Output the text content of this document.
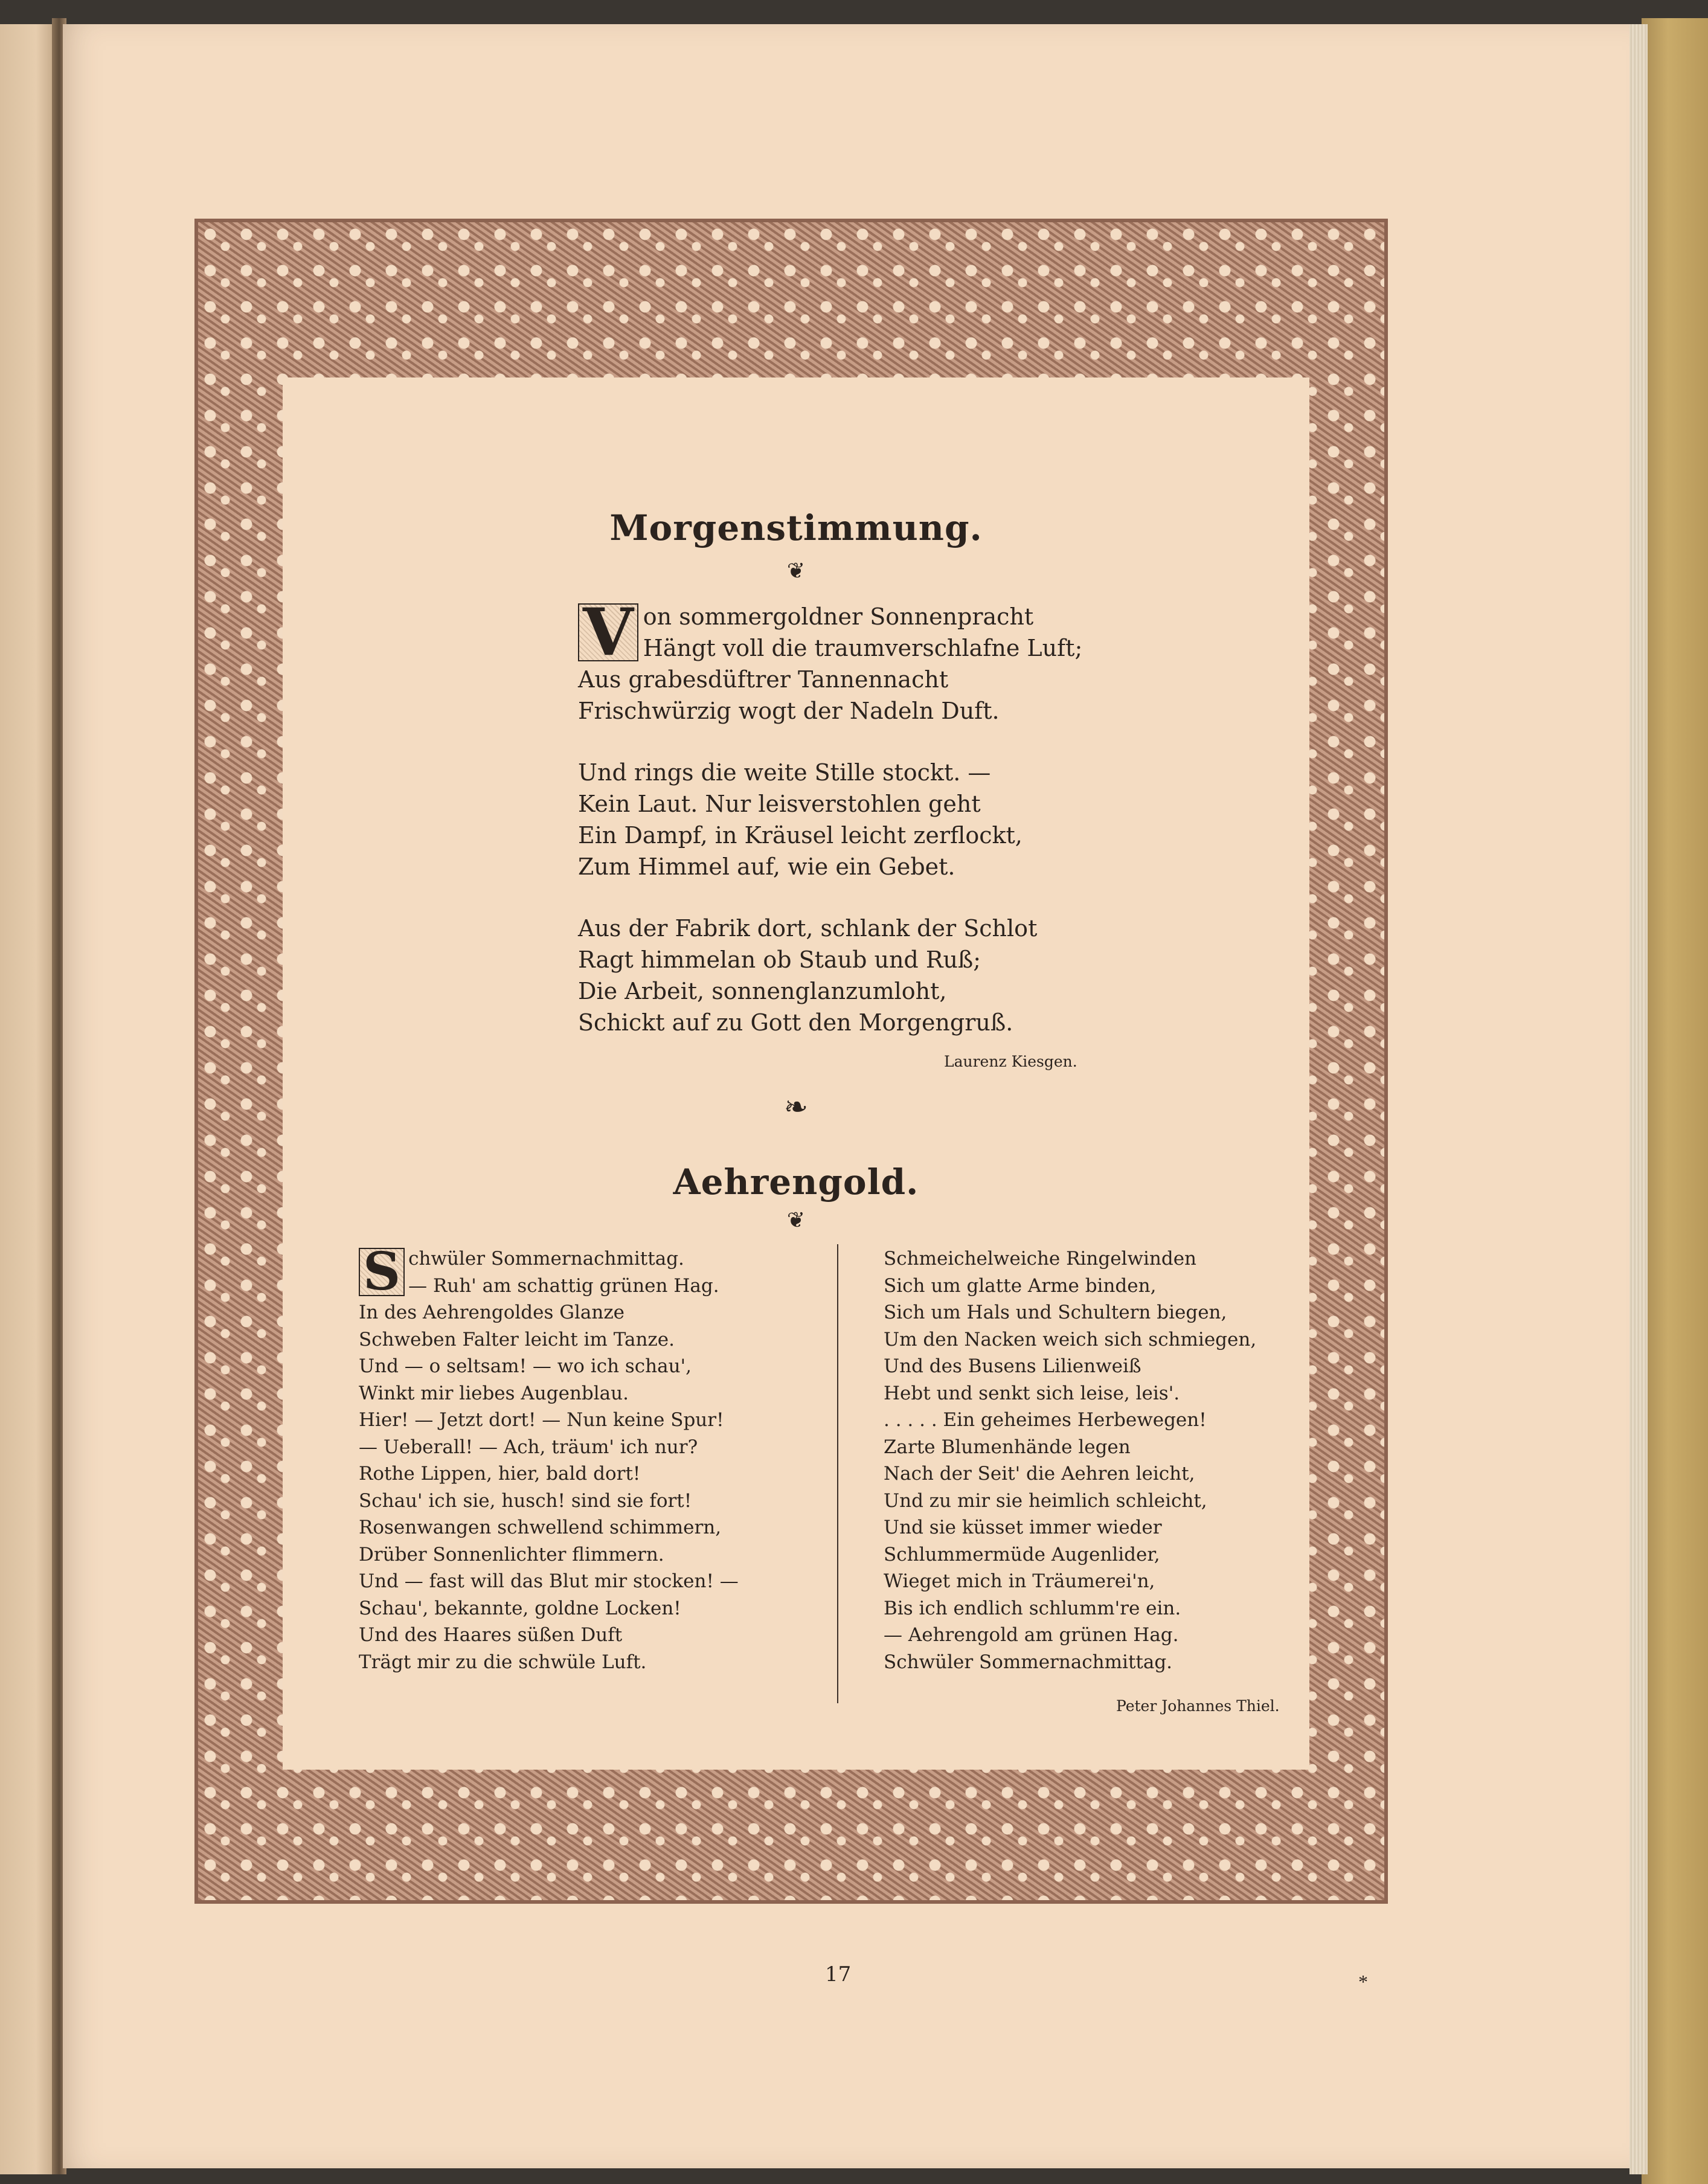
Morgenstimmung.
❦
V on sommergoldner Sonnenpracht
Hängt voll die traumverschlafne Luft;
Aus grabesdüftrer Tannennacht
Frischwürzig wogt der Nadeln Duft.
Und rings die weite Stille stockt. —
Kein Laut. Nur leisverstohlen geht
Ein Dampf, in Kräusel leicht zerflockt,
Zum Himmel auf, wie ein Gebet.
Aus der Fabrik dort, schlank der Schlot
Ragt himmelan ob Staub und Ruß;
Die Arbeit, sonnenglanzumloht,
Schickt auf zu Gott den Morgengruß.
Laurenz Kiesgen.
❧
Aehrengold.
❦
S chwüler Sommernachmittag.
— Ruh' am schattig grünen Hag.
In des Aehrengoldes Glanze
Schweben Falter leicht im Tanze.
Und — o seltsam! — wo ich schau',
Winkt mir liebes Augenblau.
Hier! — Jetzt dort! — Nun keine Spur!
— Ueberall! — Ach, träum' ich nur?
Rothe Lippen, hier, bald dort!
Schau' ich sie, husch! sind sie fort!
Rosenwangen schwellend schimmern,
Drüber Sonnenlichter flimmern.
Und — fast will das Blut mir stocken! —
Schau', bekannte, goldne Locken!
Und des Haares süßen Duft
Trägt mir zu die schwüle Luft.
Schmeichelweiche Ringelwinden
Sich um glatte Arme binden,
Sich um Hals und Schultern biegen,
Um den Nacken weich sich schmiegen,
Und des Busens Lilienweiß
Hebt und senkt sich leise, leis'.
. . . . . Ein geheimes Herbewegen!
Zarte Blumenhände legen
Nach der Seit' die Aehren leicht,
Und zu mir sie heimlich schleicht,
Und sie küsset immer wieder
Schlummermüde Augenlider,
Wieget mich in Träumerei'n,
Bis ich endlich schlumm're ein.
— Aehrengold am grünen Hag.
Schwüler Sommernachmittag.
Peter Johannes Thiel.
17	*
